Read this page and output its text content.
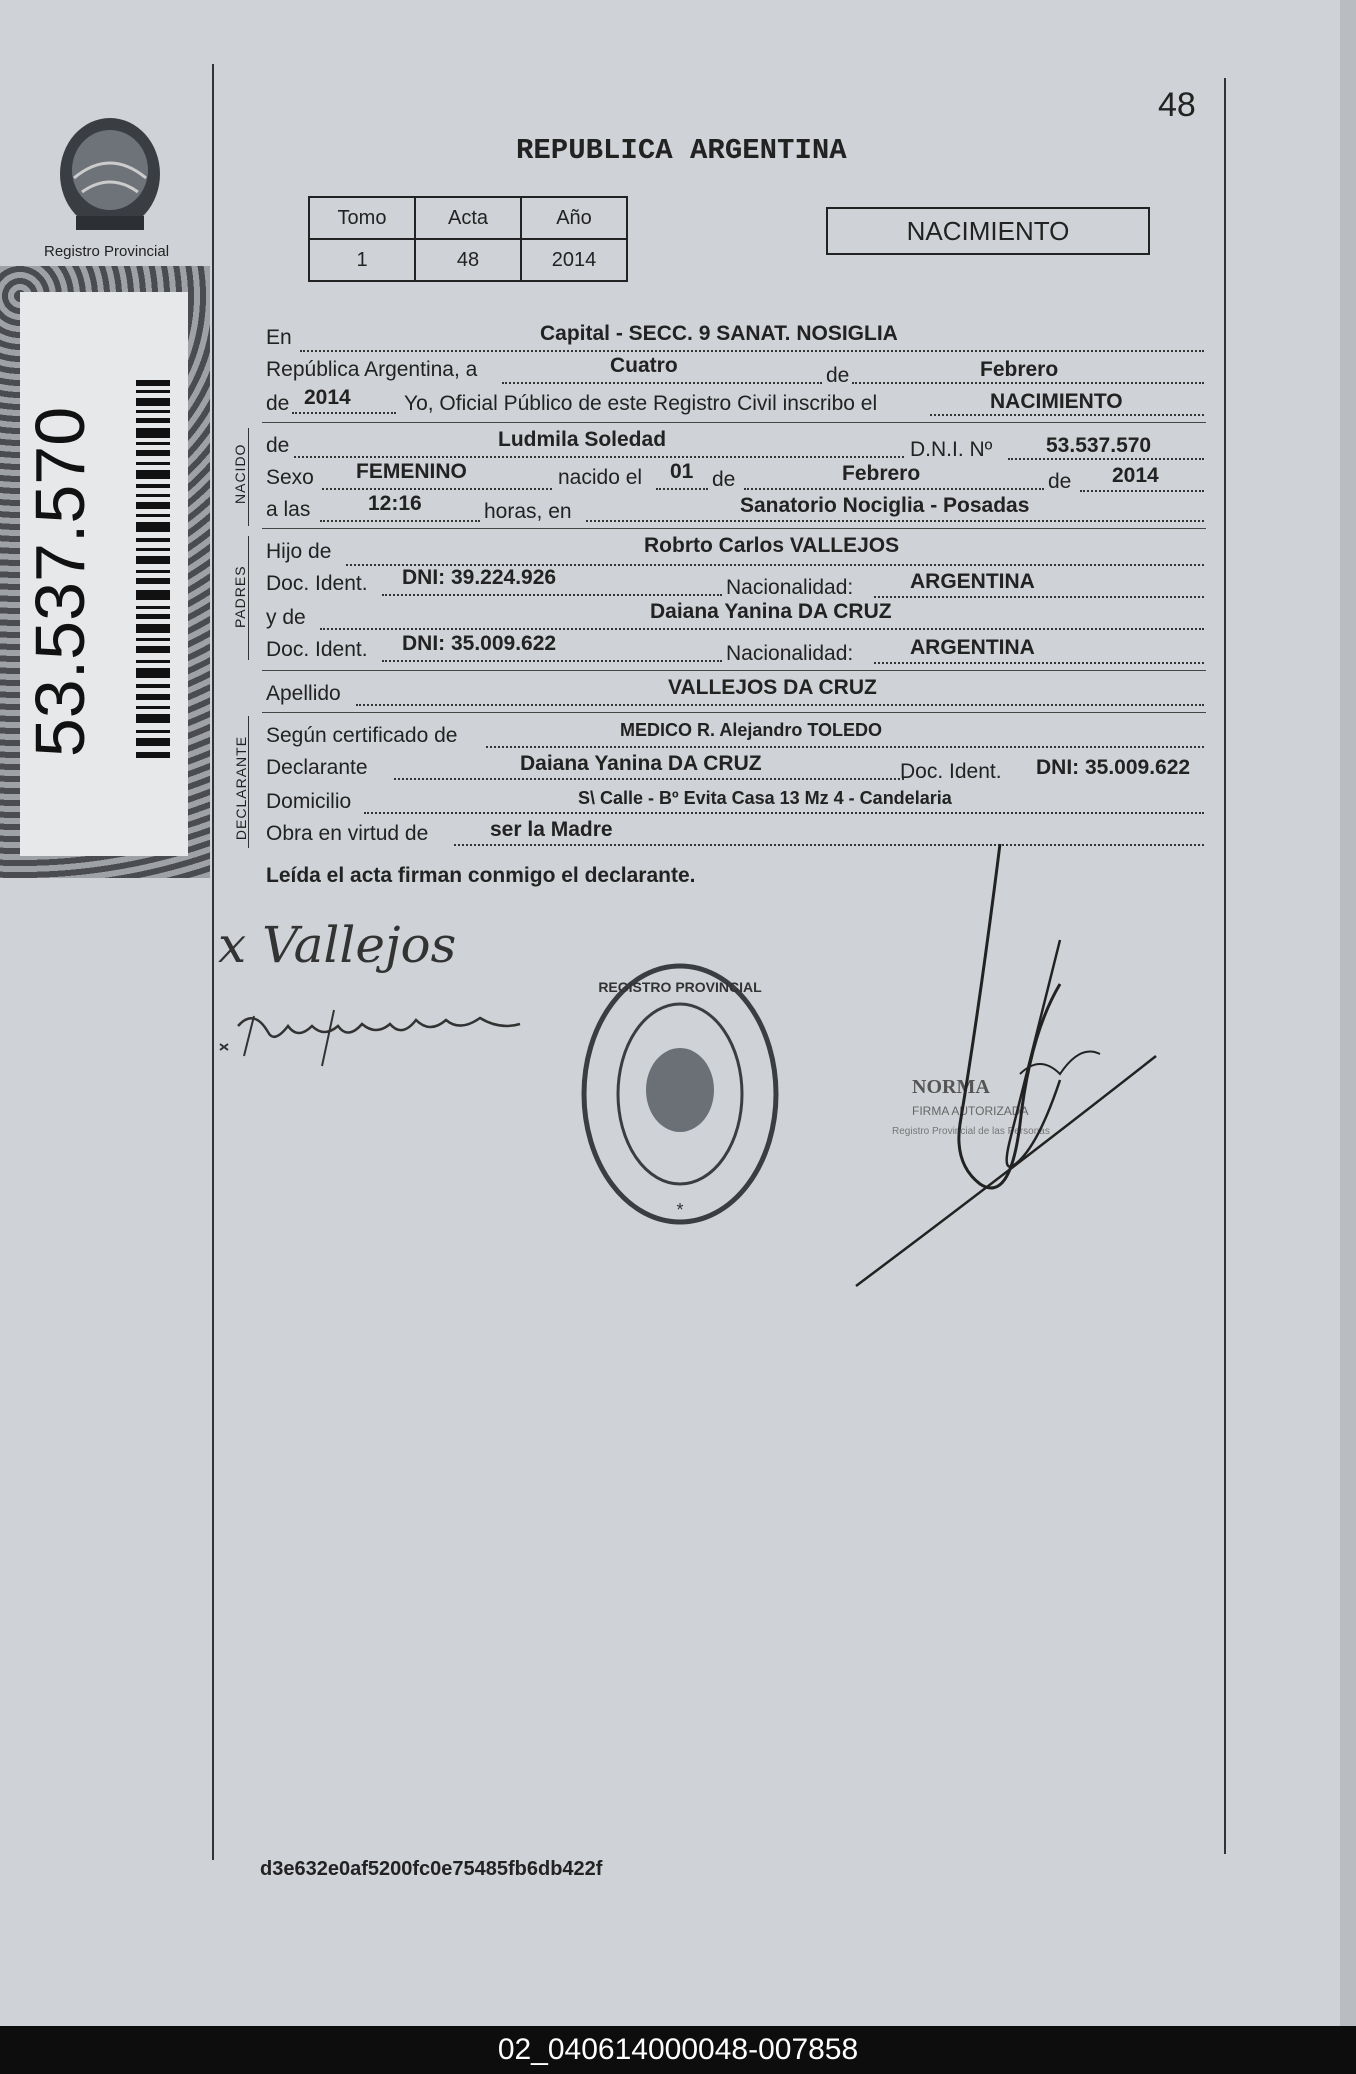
Registro Provincial
53.537.570
48
REPUBLICA ARGENTINA
Tomo	Acta	Año
1	48	2014
NACIMIENTO
NACIDO
PADRES
DECLARANTE
En	Capital - SECC. 9 SANAT. NOSIGLIA
República Argentina, a	Cuatro	de	Febrero
de 2014	Yo, Oficial Público de este Registro Civil inscribo el	NACIMIENTO
de	Ludmila Soledad	D.N.I. Nº	53.537.570
Sexo FEMENINO	nacido el 01 de	Febrero	de 2014
a las	12:16	horas, en	Sanatorio Nociglia - Posadas
Hijo de	Robrto Carlos VALLEJOS
Doc. Ident. DNI: 39.224.926	Nacionalidad:	ARGENTINA
y de	Daiana Yanina DA CRUZ
Doc. Ident. DNI: 35.009.622	Nacionalidad:	ARGENTINA
Apellido	VALLEJOS DA CRUZ
Según certificado de	MEDICO R. Alejandro TOLEDO
Declarante	Daiana Yanina DA CRUZ	Doc. Ident. DNI: 35.009.622
Domicilio	S\ Calle - Bº Evita Casa 13 Mz 4 - Candelaria
Obra en virtud de	ser la Madre
Leída el acta firman conmigo el declarante.
x Vallejos
REGISTRO PROVINCIAL
*
NORMA
FIRMA AUTORIZADA
Registro Provincial de las Personas
d3e632e0af5200fc0e75485fb6db422f
02_040614000048-007858
